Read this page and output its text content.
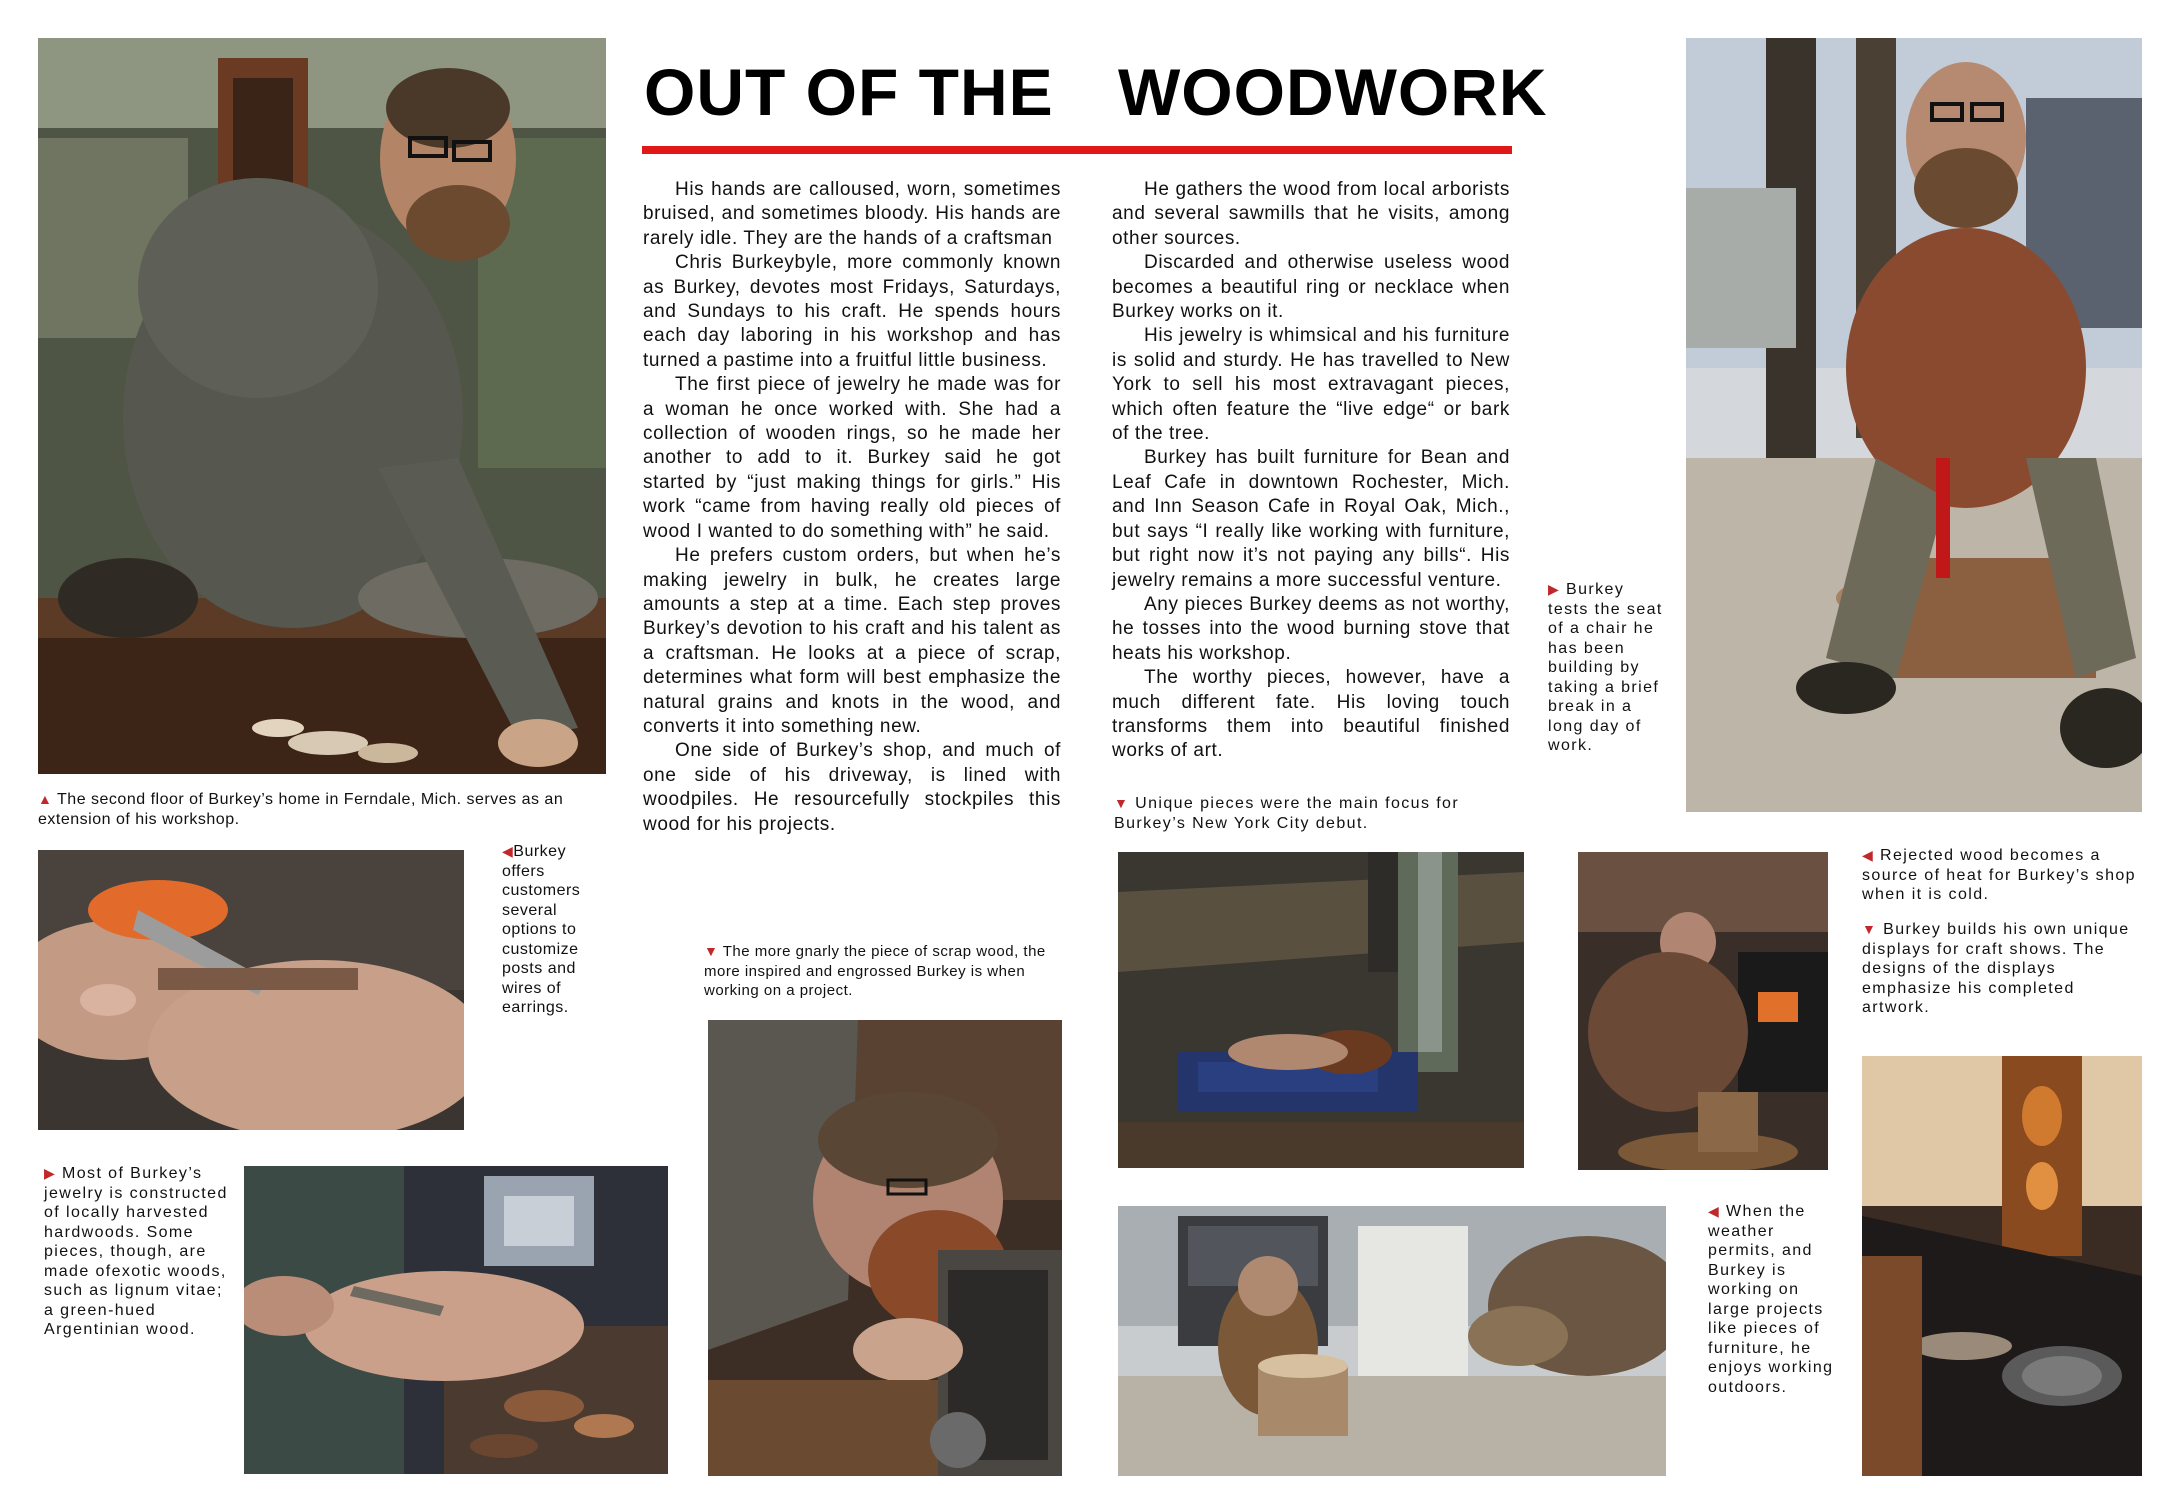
OUT OF THE WOODWORK

His hands are calloused, worn, sometimes bruised, and sometimes bloody. His hands are rarely idle. They are the hands of a craftsman

Chris Burkeybyle, more commonly known as Burkey, devotes most Fridays, Saturdays, and Sundays to his craft. He spends hours each day laboring in his workshop and has turned a pastime into a fruitful little business.

The first piece of jewelry he made was for a woman he once worked with. She had a collection of wooden rings, so he made her another to add to it. Burkey said he got started by “just making things for girls.” His work “came from having really old pieces of wood I wanted to do something with” he said.

He prefers custom orders, but when he’s making jewelry in bulk, he creates large amounts a step at a time. Each step proves Burkey’s devotion to his craft and his talent as a craftsman. He looks at a piece of scrap, determines what form will best emphasize the natural grains and knots in the wood, and converts it into something new.

One side of Burkey’s shop, and much of one side of his driveway, is lined with woodpiles. He resourcefully stockpiles this wood for his projects.

He gathers the wood from local arborists and several sawmills that he visits, among other sources.

Discarded and otherwise useless wood becomes a beautiful ring or necklace when Burkey works on it.

His jewelry is whimsical and his furniture is solid and sturdy. He has travelled to New York to sell his most extravagant pieces, which often feature the “live edge“ or bark of the tree.

Burkey has built furniture for Bean and Leaf Cafe in downtown Rochester, Mich. and Inn Season Cafe in Royal Oak, Mich., but says “I really like working with furniture, but right now it’s not paying any bills“. His jewelry remains a more successful venture.

Any pieces Burkey deems as not worthy, he tosses into the wood burning stove that heats his workshop.

The worthy pieces, however, have a much different fate. His loving touch transforms them into beautiful finished works of art.

▲ The second floor of Burkey’s home in Ferndale, Mich. serves as an extension of his workshop.
◀Burkey offers customers several options to customize posts and wires of earrings.
▶ Most of Burkey’s jewelry is constructed of locally harvested hardwoods. Some pieces, though, are made ofexotic woods, such as lignum vitae; a green-hued Argentinian wood.
▼ The more gnarly the piece of scrap wood, the more inspired and engrossed Burkey is when working on a project.
▼ Unique pieces were the main focus for Burkey’s New York City debut.
▶ Burkey tests the seat of a chair he has been building by taking a brief break in a long day of work.
◀ Rejected wood becomes a source of heat for Burkey’s shop when it is cold.
▼ Burkey builds his own unique displays for craft shows. The designs of the displays emphasize his completed artwork.
◀ When the weather permits, and Burkey is working on large projects like pieces of furniture, he enjoys working outdoors.
